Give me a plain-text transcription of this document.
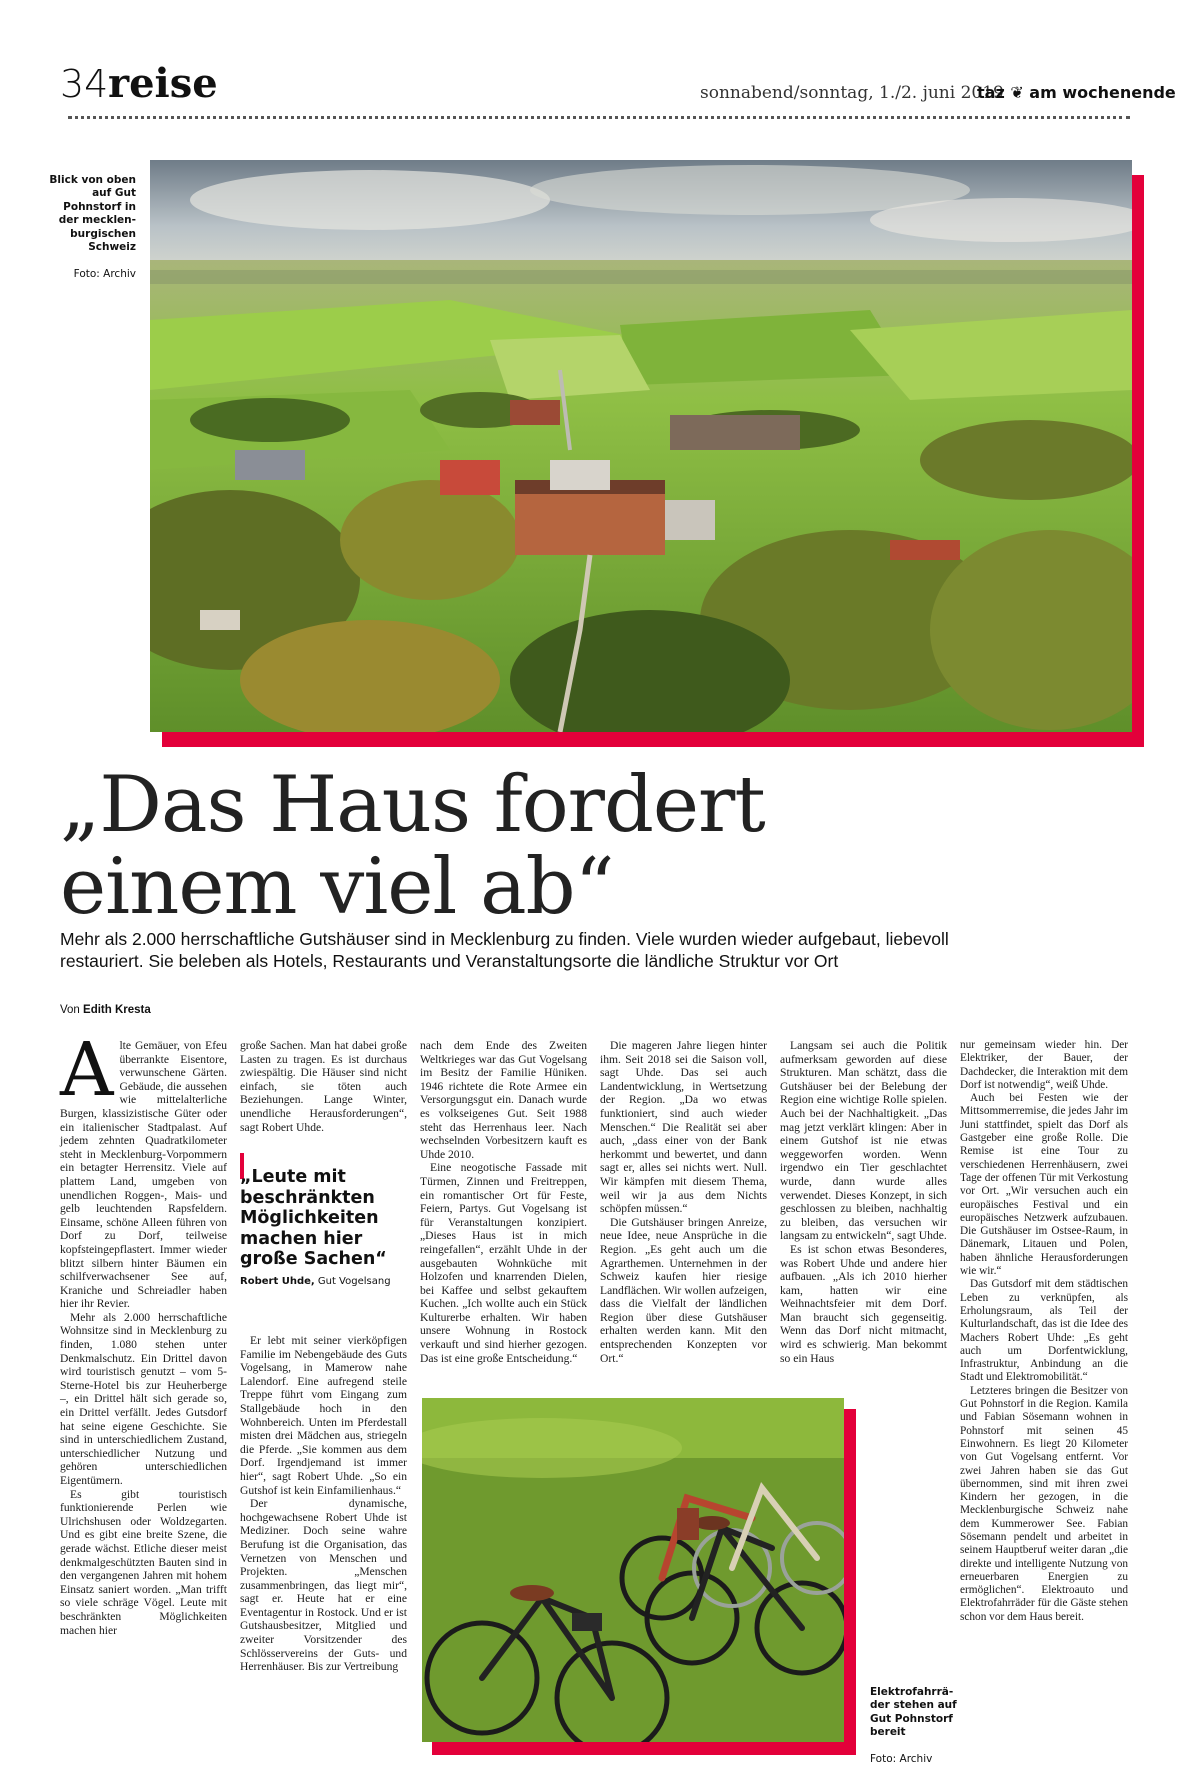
34 reise	sonnabend/sonntag, 1./2. juni 2019
taz ❦ am wochenende

Blick von oben
auf Gut
Pohnstorf in
der mecklen-
burgischen
Schweiz

Foto: Archiv

„Das Haus fordert
einem viel ab“
Mehr als 2.000 herrschaftliche Gutshäuser sind in Mecklenburg zu finden. Viele wurden wieder aufgebaut, liebevoll restauriert. Sie beleben als Hotels, Restaurants und Veranstaltungsorte die ländliche Struktur vor Ort
Von Edith Kresta
A lte Gemäuer, von Efeu überrankte Eisentore, verwunschene Gärten. Gebäude, die aussehen wie mittelalterliche Burgen, klassizistische Güter oder ein italienischer Stadtpalast. Auf jedem zehnten Quadratkilometer steht in Mecklenburg-Vorpommern ein betagter Herrensitz. Viele auf plattem Land, umgeben von unendlichen Roggen-, Mais- und gelb leuchtenden Rapsfeldern. Einsame, schöne Alleen führen von Dorf zu Dorf, teilweise kopfsteingepflastert. Immer wieder blitzt silbern hinter Bäumen ein schilfverwachsener See auf, Kraniche und Schreiadler haben hier ihr Revier.

Mehr als 2.000 herrschaftliche Wohnsitze sind in Mecklenburg zu finden, 1.080 stehen unter Denkmalschutz. Ein Drittel davon wird touristisch genutzt – vom 5-Sterne-Hotel bis zur Heuherberge –, ein Drittel hält sich gerade so, ein Drittel verfällt. Jedes Gutsdorf hat seine eigene Geschichte. Sie sind in unterschiedlichem Zustand, unterschiedlicher Nutzung und gehören unterschiedlichen Eigentümern.

Es gibt touristisch funktionierende Perlen wie Ulrichshusen oder Woldzegarten. Und es gibt eine breite Szene, die gerade wächst. Etliche dieser meist denkmalgeschützten Bauten sind in den vergangenen Jahren mit hohem Einsatz saniert worden. „Man trifft so viele schräge Vögel. Leute mit beschränkten Möglichkeiten machen hier

große Sachen. Man hat dabei große Lasten zu tragen. Es ist durchaus zwiespältig. Die Häuser sind nicht einfach, sie töten auch Beziehungen. Lange Winter, unendliche Herausforderungen“, sagt Robert Uhde.

„Leute mit
beschränkten
Möglichkeiten
machen hier
große Sachen“
Robert Uhde, Gut Vogelsang

Er lebt mit seiner vierköpfigen Familie im Nebengebäude des Guts Vogelsang, in Mamerow nahe Lalendorf. Eine aufregend steile Treppe führt vom Eingang zum Stallgebäude hoch in den Wohnbereich. Unten im Pferdestall misten drei Mädchen aus, striegeln die Pferde. „Sie kommen aus dem Dorf. Irgendjemand ist immer hier“, sagt Robert Uhde. „So ein Gutshof ist kein Einfamilienhaus.“

Der dynamische, hochgewachsene Robert Uhde ist Mediziner. Doch seine wahre Berufung ist die Organisation, das Vernetzen von Menschen und Projekten. „Menschen zusammenbringen, das liegt mir“, sagt er. Heute hat er eine Eventagentur in Rostock. Und er ist Gutshausbesitzer, Mitglied und zweiter Vorsitzender des Schlösservereins der Guts- und Herrenhäuser. Bis zur Vertreibung

nach dem Ende des Zweiten Weltkrieges war das Gut Vogelsang im Besitz der Familie Hüniken. 1946 richtete die Rote Armee ein Versorgungsgut ein. Danach wurde es volkseigenes Gut. Seit 1988 steht das Herrenhaus leer. Nach wechselnden Vorbesitzern kauft es Uhde 2010.

Eine neogotische Fassade mit Türmen, Zinnen und Freitreppen, ein romantischer Ort für Feste, Feiern, Partys. Gut Vogelsang ist für Veranstaltungen konzipiert. „Dieses Haus ist in mich reingefallen“, erzählt Uhde in der ausgebauten Wohnküche mit Holzofen und knarrenden Dielen, bei Kaffee und selbst gekauftem Kuchen. „Ich wollte auch ein Stück Kulturerbe erhalten. Wir haben unsere Wohnung in Rostock verkauft und sind hierher gezogen. Das ist eine große Entscheidung.“

Die mageren Jahre liegen hinter ihm. Seit 2018 sei die Saison voll, sagt Uhde. Das sei auch Landentwicklung, in Wertsetzung der Region. „Da wo etwas funktioniert, sind auch wieder Menschen.“ Die Realität sei aber auch, „dass einer von der Bank herkommt und bewertet, und dann sagt er, alles sei nichts wert. Null. Wir kämpfen mit diesem Thema, weil wir ja aus dem Nichts schöpfen müssen.“

Die Gutshäuser bringen Anreize, neue Idee, neue Ansprüche in die Region. „Es geht auch um die Agrarthemen. Unternehmen in der Schweiz kaufen hier riesige Landflächen. Wir wollen aufzeigen, dass die Vielfalt der ländlichen Region über diese Gutshäuser erhalten werden kann. Mit den entsprechenden Konzepten vor Ort.“

Langsam sei auch die Politik aufmerksam geworden auf diese Strukturen. Man schätzt, dass die Gutshäuser bei der Belebung der Region eine wichtige Rolle spielen. Auch bei der Nachhaltigkeit. „Das mag jetzt verklärt klingen: Aber in einem Gutshof ist nie etwas weggeworfen worden. Wenn irgendwo ein Tier geschlachtet wurde, dann wurde alles verwendet. Dieses Konzept, in sich geschlossen zu bleiben, nachhaltig zu bleiben, das versuchen wir langsam zu entwickeln“, sagt Uhde.

Es ist schon etwas Besonderes, was Robert Uhde und andere hier aufbauen. „Als ich 2010 hierher kam, hatten wir eine Weihnachtsfeier mit dem Dorf. Man braucht sich gegenseitig. Wenn das Dorf nicht mitmacht, wird es schwierig. Man bekommt so ein Haus

nur gemeinsam wieder hin. Der Elektriker, der Bauer, der Dachdecker, die Interaktion mit dem Dorf ist notwendig“, weiß Uhde.

Auch bei Festen wie der Mittsommerremise, die jedes Jahr im Juni stattfindet, spielt das Dorf als Gastgeber eine große Rolle. Die Remise ist eine Tour zu verschiedenen Herrenhäusern, zwei Tage der offenen Tür mit Verkostung vor Ort. „Wir versuchen auch ein europäisches Festival und ein europäisches Netzwerk aufzubauen. Die Gutshäuser im Ostsee-Raum, in Dänemark, Litauen und Polen, haben ähnliche Herausforderungen wie wir.“

Das Gutsdorf mit dem städtischen Leben zu verknüpfen, als Erholungsraum, als Teil der Kulturlandschaft, das ist die Idee des Machers Robert Uhde: „Es geht auch um Dorfentwicklung, Infrastruktur, Anbindung an die Stadt und Elektromobilität.“

Letzteres bringen die Besitzer von Gut Pohnstorf in die Region. Kamila und Fabian Sösemann wohnen in Pohnstorf mit seinen 45 Einwohnern. Es liegt 20 Kilometer von Gut Vogelsang entfernt. Vor zwei Jahren haben sie das Gut übernommen, sind mit ihren zwei Kindern her gezogen, in die Mecklenburgische Schweiz nahe dem Kummerower See. Fabian Sösemann pendelt und arbeitet in seinem Hauptberuf weiter daran „die direkte und intelligente Nutzung von erneuerbaren Energien zu ermöglichen“. Elektroauto und Elektrofahrräder für die Gäste stehen schon vor dem Haus bereit.

Elektrofahrrä-
der stehen auf
Gut Pohnstorf
bereit

Foto: Archiv
